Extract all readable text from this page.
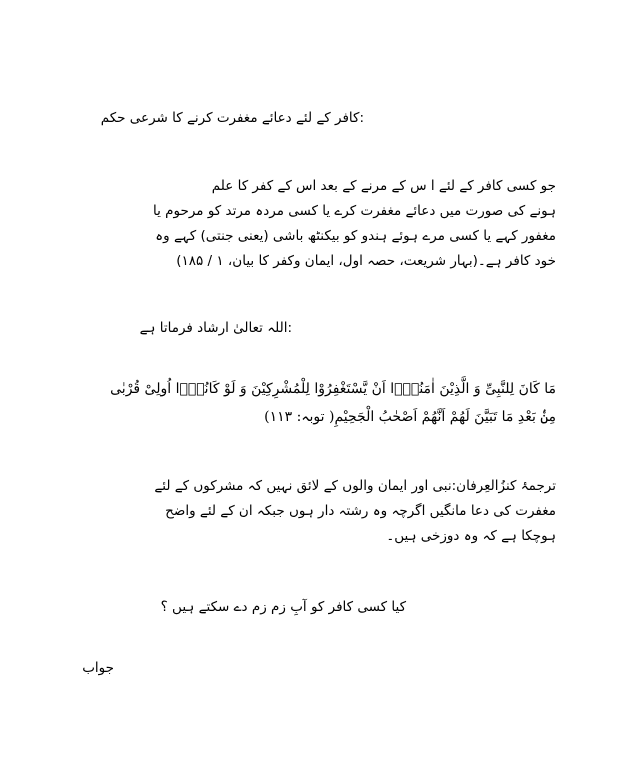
:کافر کے لئے دعائے مغفرت کرنے کا شرعی حکم
جو کسی کافر کے لئے ا س کے مرنے کے بعد اس کے کفر کا علم
ہونے کی صورت میں دعائے مغفرت کرے یا کسی مردہ مرتد کو مرحوم یا
مغفور کہے یا کسی مرے ہوئے ہندو کو بیکنٹھ باشی (یعنی جنتی) کہے وہ
خود کافر ہے۔(بہار شریعت، حصہ اول، ایمان وکفر کا بیان، ۱ / ۱۸۵)
:اللہ تعالیٰ ارشاد فرماتا ہے
مَا كَانَ لِلنَّبِیِّ وَ الَّذِیْنَ اٰمَنُوْۤا اَنْ یَّسْتَغْفِرُوْا لِلْمُشْرِكِیْنَ وَ لَوْ كَانُوْۤا اُولِیْ قُرْبٰى
مِنْۢ بَعْدِ مَا تَبَیَّنَ لَهُمْ اَنَّهُمْ اَصْحٰبُ الْجَحِیْمِ( توبہ: ۱۱۳)
ترجمۂ کنزُالعِرفان:نبی اور ایمان والوں کے لائق نہیں کہ مشرکوں کے لئے
مغفرت کی دعا مانگیں اگرچہ وہ رشتہ دار ہوں جبکہ ان کے لئے واضح
ہوچکا ہے کہ وہ دوزخی ہیں۔
کیا کسی کافر کو آبِ زم زم دے سکتے ہیں ؟
جواب
